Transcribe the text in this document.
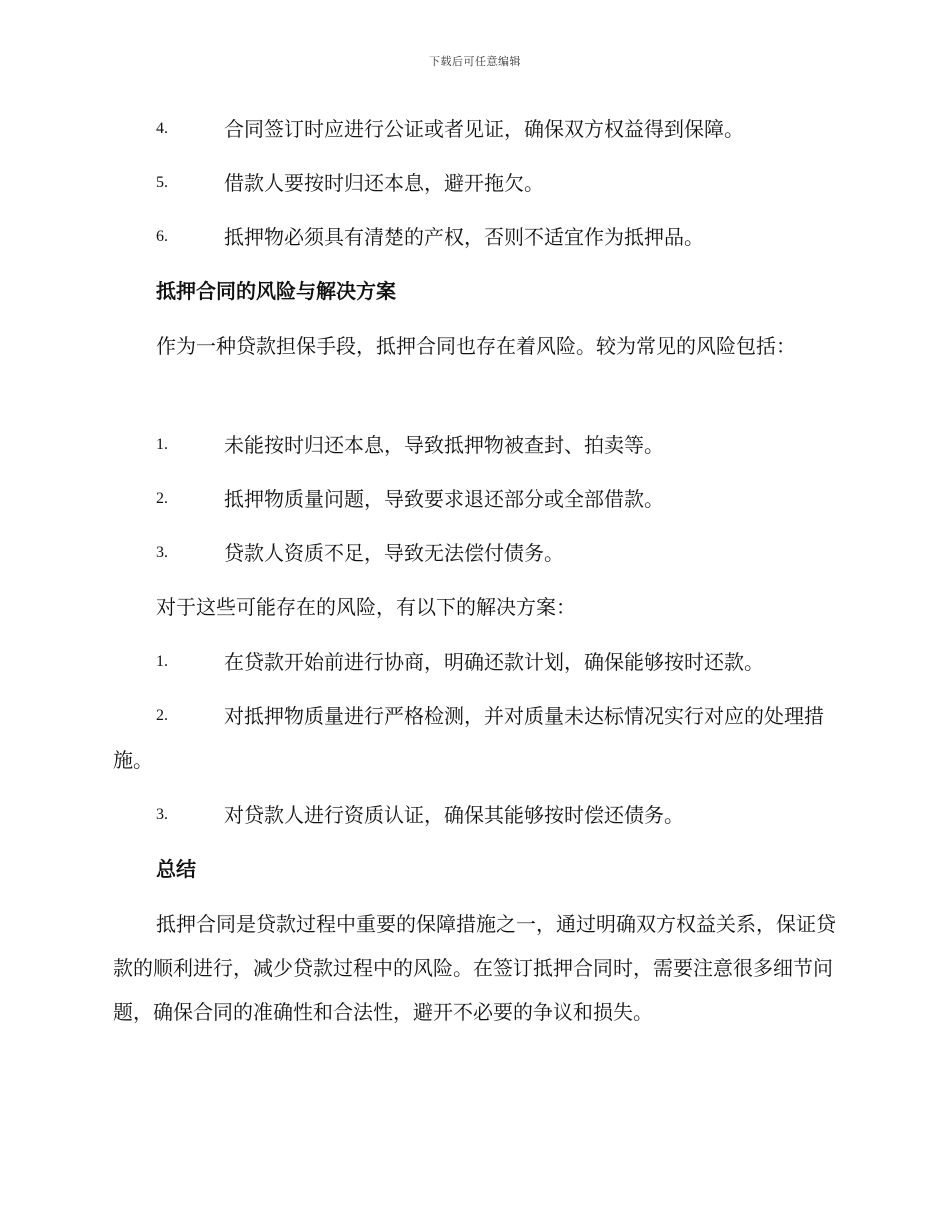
下载后可任意编辑
4.	合同签订时应进行公证或者见证，确保双方权益得到保障。
5.	借款人要按时归还本息，避开拖欠。
6.	抵押物必须具有清楚的产权，否则不适宜作为抵押品。
抵押合同的风险与解决方案
作为一种贷款担保手段，抵押合同也存在着风险。较为常见的风险包括：
1.	未能按时归还本息，导致抵押物被查封、拍卖等。
2.	抵押物质量问题，导致要求退还部分或全部借款。
3.	贷款人资质不足，导致无法偿付债务。
对于这些可能存在的风险，有以下的解决方案：
1.	在贷款开始前进行协商，明确还款计划，确保能够按时还款。
2.	对抵押物质量进行严格检测，并对质量未达标情况实行对应的处理措施。
3.	对贷款人进行资质认证，确保其能够按时偿还债务。
总结
抵押合同是贷款过程中重要的保障措施之一，通过明确双方权益关系，保证贷款的顺利进行，减少贷款过程中的风险。在签订抵押合同时，需要注意很多细节问题，确保合同的准确性和合法性，避开不必要的争议和损失。
